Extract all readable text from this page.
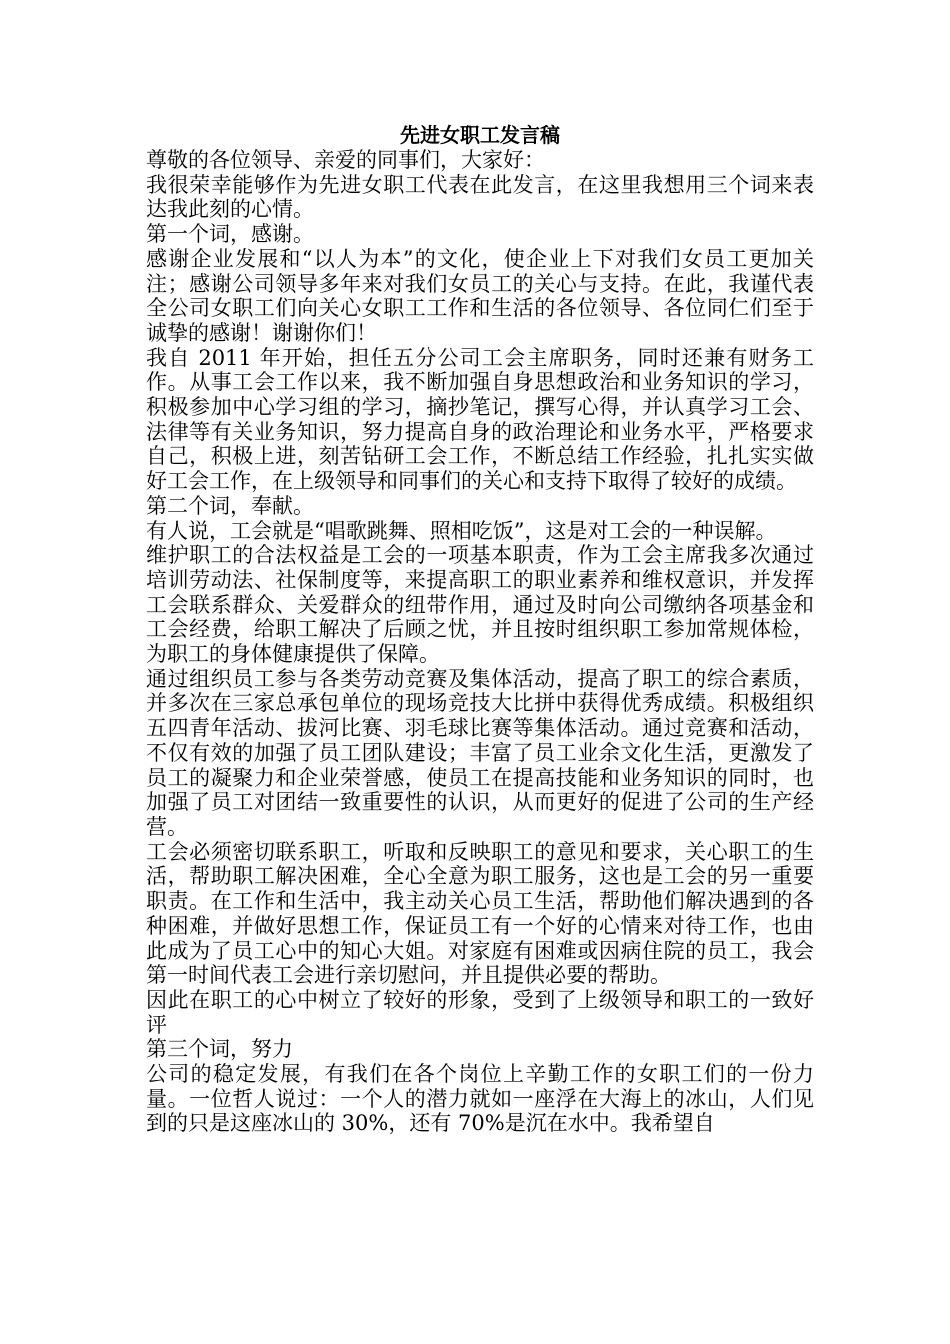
先进女职工发言稿

尊敬的各位领导、亲爱的同事们，大家好：

我很荣幸能够作为先进女职工代表在此发言，在这里我想用三个词来表达我此刻的心情。

第一个词，感谢。

感谢企业发展和“以人为本”的文化，使企业上下对我们女员工更加关注；感谢公司领导多年来对我们女员工的关心与支持。在此，我谨代表全公司女职工们向关心女职工工作和生活的各位领导、各位同仁们至于诚挚的感谢！谢谢你们！

我自 2011 年开始，担任五分公司工会主席职务，同时还兼有财务工作。从事工会工作以来，我不断加强自身思想政治和业务知识的学习，积极参加中心学习组的学习，摘抄笔记，撰写心得，并认真学习工会、法律等有关业务知识，努力提高自身的政治理论和业务水平，严格要求自己，积极上进，刻苦钻研工会工作，不断总结工作经验，扎扎实实做好工会工作，在上级领导和同事们的关心和支持下取得了较好的成绩。

第二个词，奉献。

有人说，工会就是“唱歌跳舞、照相吃饭”，这是对工会的一种误解。

维护职工的合法权益是工会的一项基本职责，作为工会主席我多次通过培训劳动法、社保制度等，来提高职工的职业素养和维权意识，并发挥工会联系群众、关爱群众的纽带作用，通过及时向公司缴纳各项基金和工会经费，给职工解决了后顾之忧，并且按时组织职工参加常规体检，为职工的身体健康提供了保障。

通过组织员工参与各类劳动竞赛及集体活动，提高了职工的综合素质，并多次在三家总承包单位的现场竞技大比拼中获得优秀成绩。积极组织五四青年活动、拔河比赛、羽毛球比赛等集体活动。通过竞赛和活动，不仅有效的加强了员工团队建设；丰富了员工业余文化生活，更激发了员工的凝聚力和企业荣誉感，使员工在提高技能和业务知识的同时，也加强了员工对团结一致重要性的认识，从而更好的促进了公司的生产经营。

工会必须密切联系职工，听取和反映职工的意见和要求，关心职工的生活，帮助职工解决困难，全心全意为职工服务，这也是工会的另一重要职责。在工作和生活中，我主动关心员工生活，帮助他们解决遇到的各种困难，并做好思想工作，保证员工有一个好的心情来对待工作，也由此成为了员工心中的知心大姐。对家庭有困难或因病住院的员工，我会第一时间代表工会进行亲切慰问，并且提供必要的帮助。

因此在职工的心中树立了较好的形象，受到了上级领导和职工的一致好评

第三个词，努力

公司的稳定发展，有我们在各个岗位上辛勤工作的女职工们的一份力量。一位哲人说过：一个人的潜力就如一座浮在大海上的冰山，人们见到的只是这座冰山的 30%，还有 70%是沉在水中。我希望自
